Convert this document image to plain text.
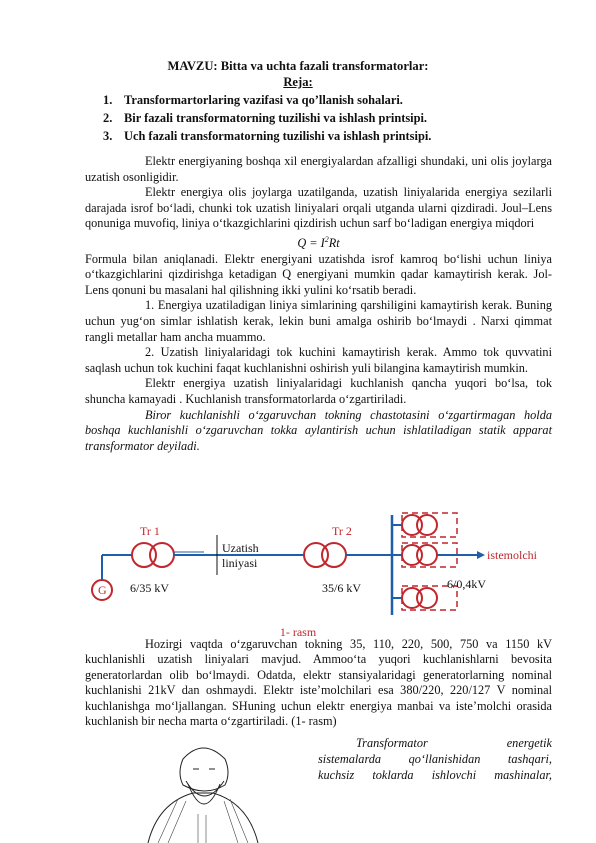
MAVZU: Bitta va uchta fazali transformatorlar:
Reja:
1. Transformartorlaring vazifasi va qo’llanish sohalari.
2. Bir fazali transformatorning tuzilishi va ishlash printsipi.
3. Uch fazali transformatorning tuzilishi va ishlash printsipi.

Elektr energiyaning boshqa xil energiyalardan afzalligi shundaki, uni olis joylarga uzatish osonligidir.

Elektr energiya olis joylarga uzatilganda, uzatish liniyalarida energiya sezilarli darajada isrof bo‘ladi, chunki tok uzatish liniyalari orqali utganda ularni qizdiradi. Joul–Lens qonuniga muvofiq, liniya o‘tkazgichlarini qizdirish uchun sarf bo‘ladigan energiya miqdori

$Q = I^2Rt$

Formula bilan aniqlanadi. Elektr energiyani uzatishda isrof kamroq bo‘lishi uchun liniya o‘tkazgichlarini qizdirishga ketadigan Q energiyani mumkin qadar kamaytirish kerak. Jol-Lens qonuni bu masalani hal qilishning ikki yulini ko‘rsatib beradi.

1. Energiya uzatiladigan liniya simlarining qarshiligini kamaytirish kerak. Buning uchun yug‘on simlar ishlatish kerak, lekin buni amalga oshirib bo‘lmaydi . Narxi qimmat rangli metallar ham ancha muammo.

2. Uzatish liniyalaridagi tok kuchini kamaytirish kerak. Ammo tok quvvatini saqlash uchun tok kuchini faqat kuchlanishni oshirish yuli bilangina kamaytirish mumkin.

Elektr energiya uzatish liniyalaridagi kuchlanish qancha yuqori bo‘lsa, tok shuncha kamayadi . Kuchlanish transformatorlarda o‘zgartiriladi.

Biror kuchlanishli o‘zgaruvchan tokning chastotasini o‘zgartirmagan holda boshqa kuchlanishli o‘zgaruvchan tokka aylantirish uchun ishlatiladigan statik apparat transformator deyiladi.

G
Tr 1	Tr 2
istemolchi
6/35 kV
Uzatish
liniyasi
35/6 kV	6/0,4kV
1- rasm

Hozirgi vaqtda o‘zgaruvchan tokning 35, 110, 220, 500, 750 va 1150 kV kuchlanishli uzatish liniyalari mavjud. Ammoo‘ta yuqori kuchlanishlarni bevosita generatorlardan olib bo‘lmaydi. Odatda, elektr stansiyalaridagi generatorlarning nominal kuchlanishi 21kV dan oshmaydi. Elektr iste’molchilari esa 380/220, 220/127 V nominal kuchlanishga mo‘ljallangan. SHuning uchun elektr energiya manbai va iste’molchi orasida kuchlanish bir necha marta o‘zgartiriladi. (1- rasm)

Transformator energetik
sistemalarda qo‘llanishidan tashqari,
kuchsiz toklarda ishlovchi mashinalar,
